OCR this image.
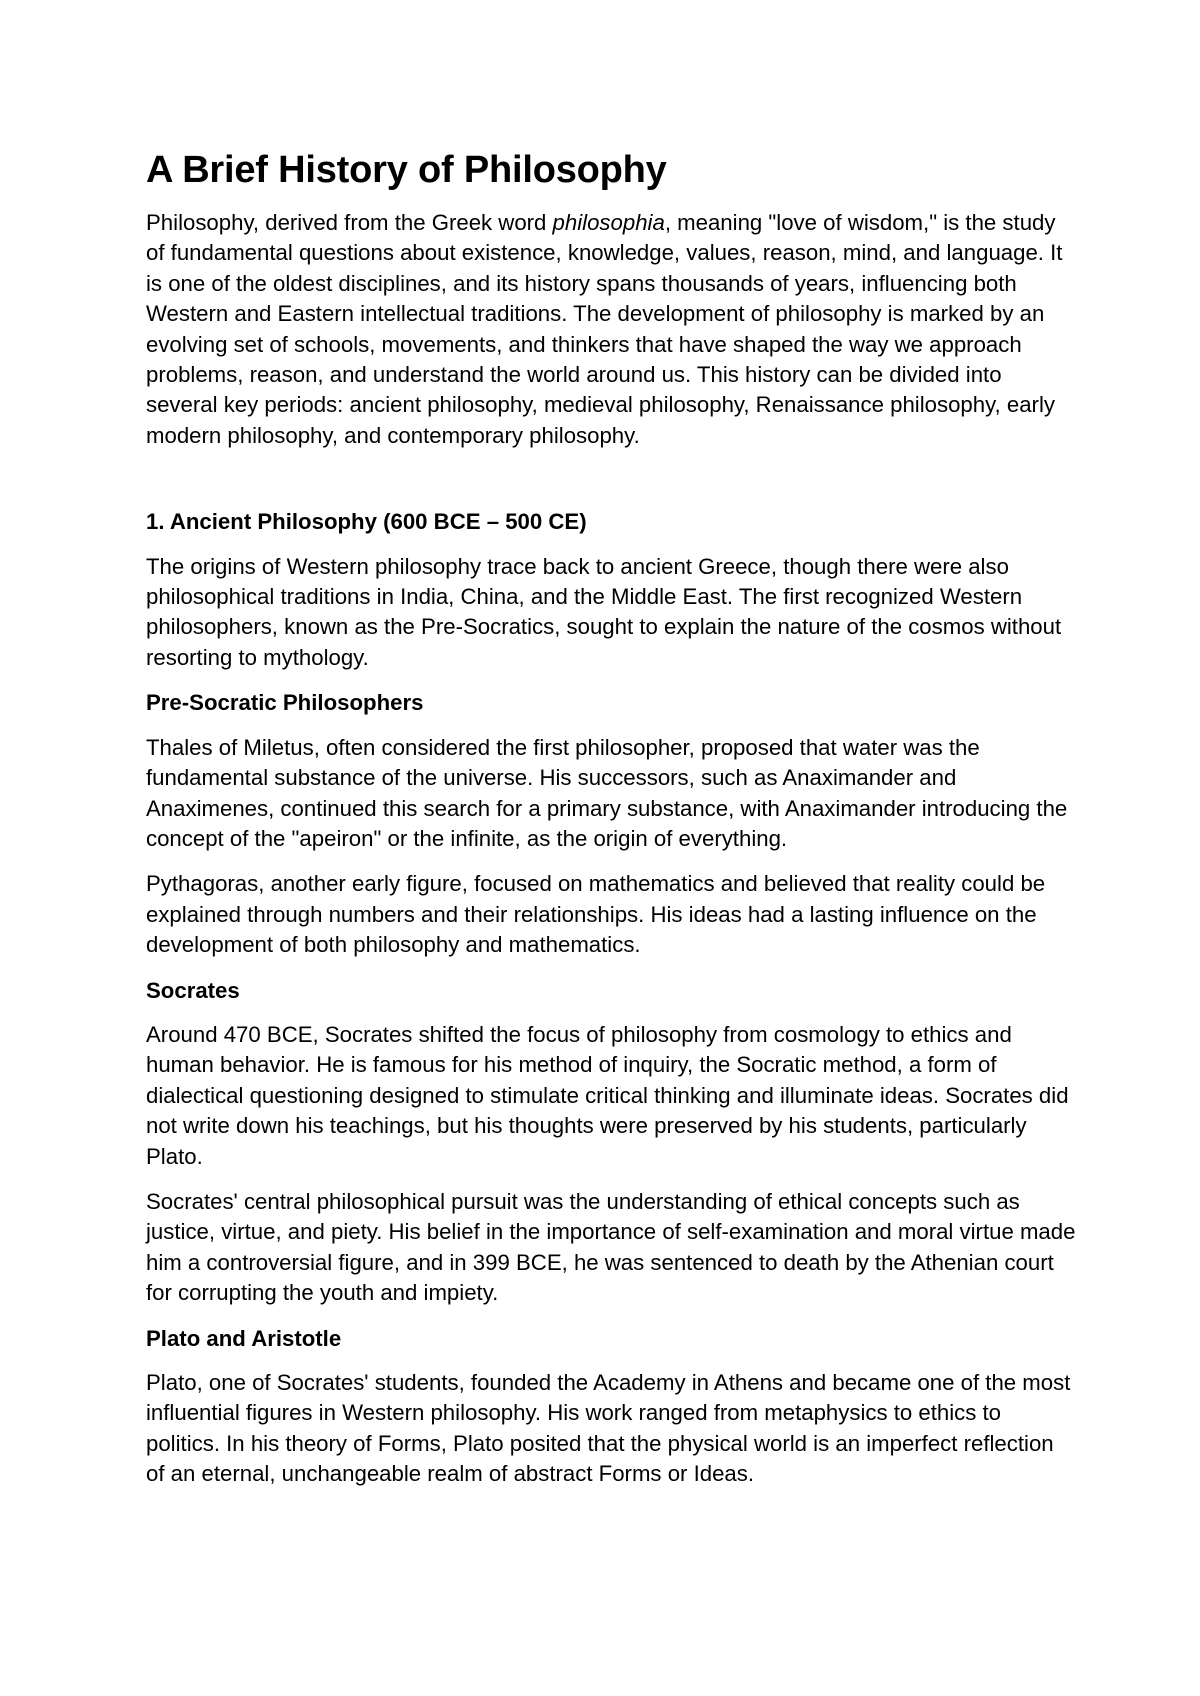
A Brief History of Philosophy

Philosophy, derived from the Greek word philosophia, meaning "love of wisdom," is the study of fundamental questions about existence, knowledge, values, reason, mind, and language. It is one of the oldest disciplines, and its history spans thousands of years, influencing both Western and Eastern intellectual traditions. The development of philosophy is marked by an evolving set of schools, movements, and thinkers that have shaped the way we approach problems, reason, and understand the world around us. This history can be divided into several key periods: ancient philosophy, medieval philosophy, Renaissance philosophy, early modern philosophy, and contemporary philosophy.

1. Ancient Philosophy (600 BCE – 500 CE)

The origins of Western philosophy trace back to ancient Greece, though there were also philosophical traditions in India, China, and the Middle East. The first recognized Western philosophers, known as the Pre-Socratics, sought to explain the nature of the cosmos without resorting to mythology.

Pre-Socratic Philosophers

Thales of Miletus, often considered the first philosopher, proposed that water was the fundamental substance of the universe. His successors, such as Anaximander and Anaximenes, continued this search for a primary substance, with Anaximander introducing the concept of the "apeiron" or the infinite, as the origin of everything.

Pythagoras, another early figure, focused on mathematics and believed that reality could be explained through numbers and their relationships. His ideas had a lasting influence on the development of both philosophy and mathematics.

Socrates

Around 470 BCE, Socrates shifted the focus of philosophy from cosmology to ethics and human behavior. He is famous for his method of inquiry, the Socratic method, a form of dialectical questioning designed to stimulate critical thinking and illuminate ideas. Socrates did not write down his teachings, but his thoughts were preserved by his students, particularly Plato.

Socrates' central philosophical pursuit was the understanding of ethical concepts such as justice, virtue, and piety. His belief in the importance of self-examination and moral virtue made him a controversial figure, and in 399 BCE, he was sentenced to death by the Athenian court for corrupting the youth and impiety.

Plato and Aristotle

Plato, one of Socrates' students, founded the Academy in Athens and became one of the most influential figures in Western philosophy. His work ranged from metaphysics to ethics to politics. In his theory of Forms, Plato posited that the physical world is an imperfect reflection of an eternal, unchangeable realm of abstract Forms or Ideas.
